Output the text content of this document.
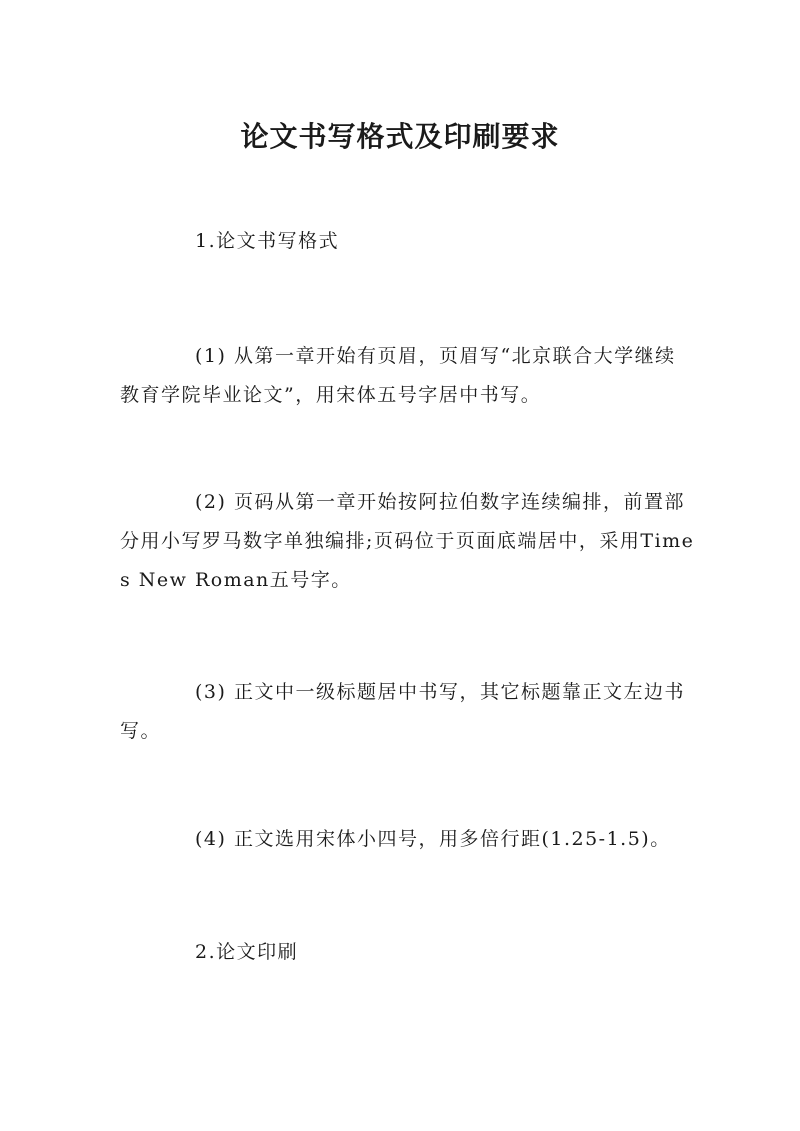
论文书写格式及印刷要求

1.论文书写格式

(1) 从第一章开始有页眉，页眉写“北京联合大学继续教育学院毕业论文”，用宋体五号字居中书写。

(2) 页码从第一章开始按阿拉伯数字连续编排，前置部分用小写罗马数字单独编排;页码位于页面底端居中，采用Times New Roman五号字。

(3) 正文中一级标题居中书写，其它标题靠正文左边书写。

(4) 正文选用宋体小四号，用多倍行距(1.25-1.5)。

2.论文印刷
